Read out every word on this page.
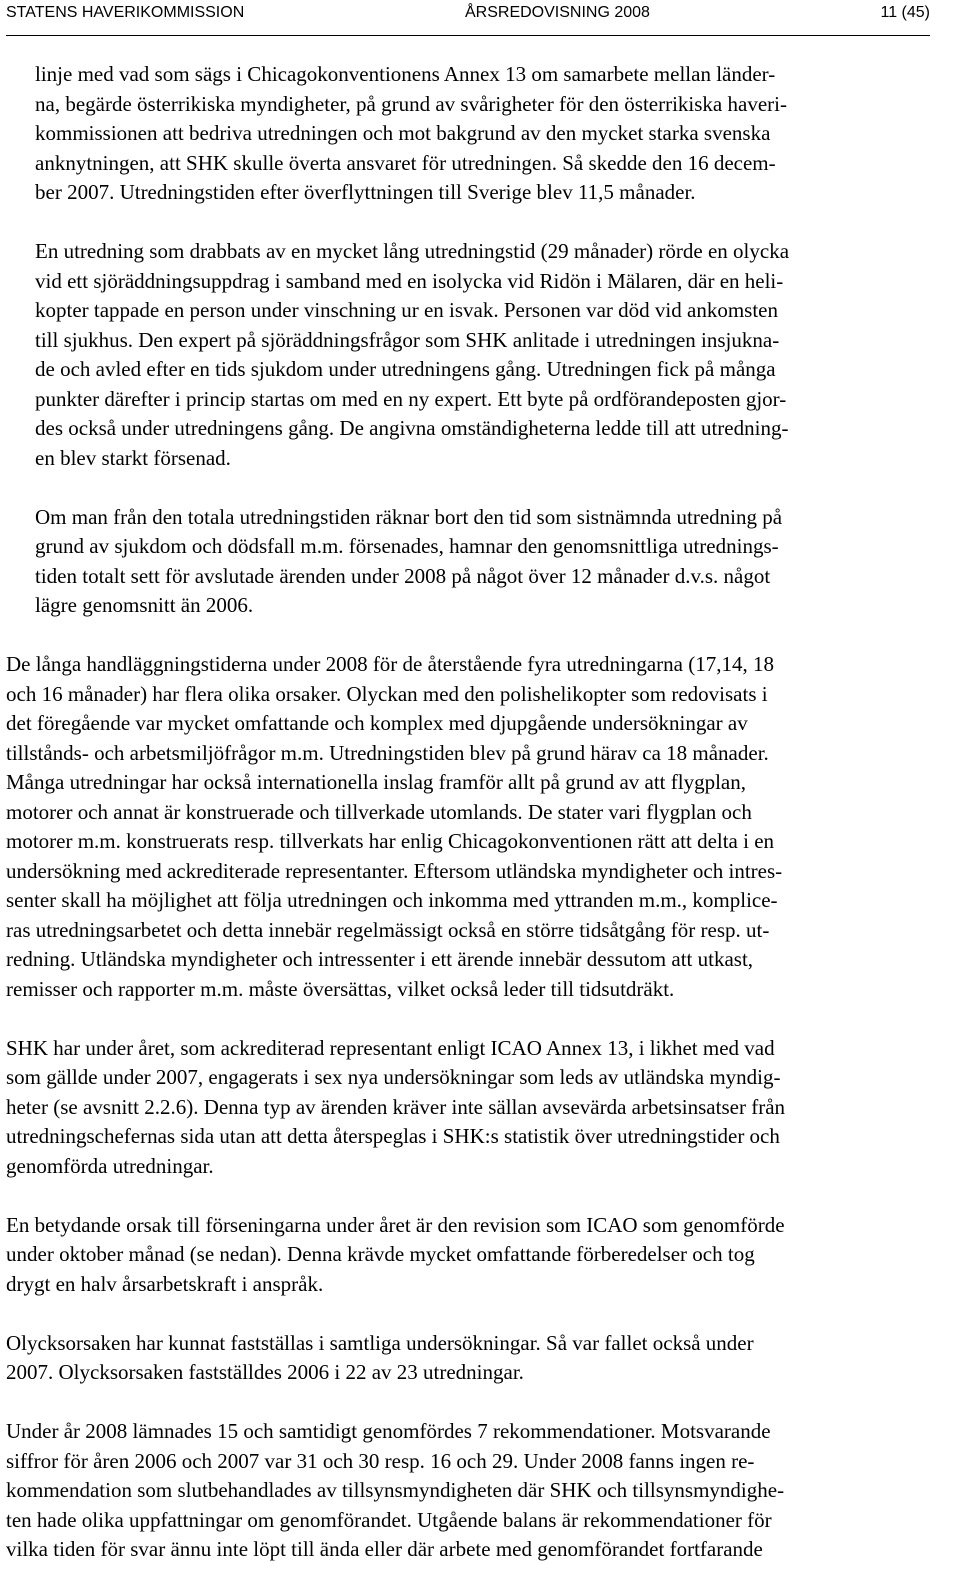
STATENS HAVERIKOMMISSION	ÅRSREDOVISNING 2008	11 (45)

linje med vad som sägs i Chicagokonventionens Annex 13 om samarbete mellan länder-
na, begärde österrikiska myndigheter, på grund av svårigheter för den österrikiska haveri-
kommissionen att bedriva utredningen och mot bakgrund av den mycket starka svenska
anknytningen, att SHK skulle överta ansvaret för utredningen. Så skedde den 16 decem-
ber 2007. Utredningstiden efter överflyttningen till Sverige blev 11,5 månader.

En utredning som drabbats av en mycket lång utredningstid (29 månader) rörde en olycka
vid ett sjöräddningsuppdrag i samband med en isolycka vid Ridön i Mälaren, där en heli-
kopter tappade en person under vinschning ur en isvak. Personen var död vid ankomsten
till sjukhus. Den expert på sjöräddningsfrågor som SHK anlitade i utredningen insjukna-
de och avled efter en tids sjukdom under utredningens gång. Utredningen fick på många
punkter därefter i princip startas om med en ny expert. Ett byte på ordförandeposten gjor-
des också under utredningens gång. De angivna omständigheterna ledde till att utredning-
en blev starkt försenad.

Om man från den totala utredningstiden räknar bort den tid som sistnämnda utredning på
grund av sjukdom och dödsfall m.m. försenades, hamnar den genomsnittliga utrednings-
tiden totalt sett för avslutade ärenden under 2008 på något över 12 månader d.v.s. något
lägre genomsnitt än 2006.

De långa handläggningstiderna under 2008 för de återstående fyra utredningarna (17,14, 18
och 16 månader) har flera olika orsaker. Olyckan med den polishelikopter som redovisats i
det föregående var mycket omfattande och komplex med djupgående undersökningar av
tillstånds- och arbetsmiljöfrågor m.m. Utredningstiden blev på grund härav ca 18 månader.
Många utredningar har också internationella inslag framför allt på grund av att flygplan,
motorer och annat är konstruerade och tillverkade utomlands. De stater vari flygplan och
motorer m.m. konstruerats resp. tillverkats har enlig Chicagokonventionen rätt att delta i en
undersökning med ackrediterade representanter. Eftersom utländska myndigheter och intres-
senter skall ha möjlighet att följa utredningen och inkomma med yttranden m.m., komplice-
ras utredningsarbetet och detta innebär regelmässigt också en större tidsåtgång för resp. ut-
redning. Utländska myndigheter och intressenter i ett ärende innebär dessutom att utkast,
remisser och rapporter m.m. måste översättas, vilket också leder till tidsutdräkt.

SHK har under året, som ackrediterad representant enligt ICAO Annex 13, i likhet med vad
som gällde under 2007, engagerats i sex nya undersökningar som leds av utländska myndig-
heter (se avsnitt 2.2.6). Denna typ av ärenden kräver inte sällan avsevärda arbetsinsatser från
utredningschefernas sida utan att detta återspeglas i SHK:s statistik över utredningstider och
genomförda utredningar.

En betydande orsak till förseningarna under året är den revision som ICAO som genomförde
under oktober månad (se nedan). Denna krävde mycket omfattande förberedelser och tog
drygt en halv årsarbetskraft i anspråk.

Olycksorsaken har kunnat fastställas i samtliga undersökningar. Så var fallet också under
2007. Olycksorsaken fastställdes 2006 i 22 av 23 utredningar.

Under år 2008 lämnades 15 och samtidigt genomfördes 7 rekommendationer. Motsvarande
siffror för åren 2006 och 2007 var 31 och 30 resp. 16 och 29. Under 2008 fanns ingen re-
kommendation som slutbehandlades av tillsynsmyndigheten där SHK och tillsynsmyndighe-
ten hade olika uppfattningar om genomförandet. Utgående balans är rekommendationer för
vilka tiden för svar ännu inte löpt till ända eller där arbete med genomförandet fortfarande
